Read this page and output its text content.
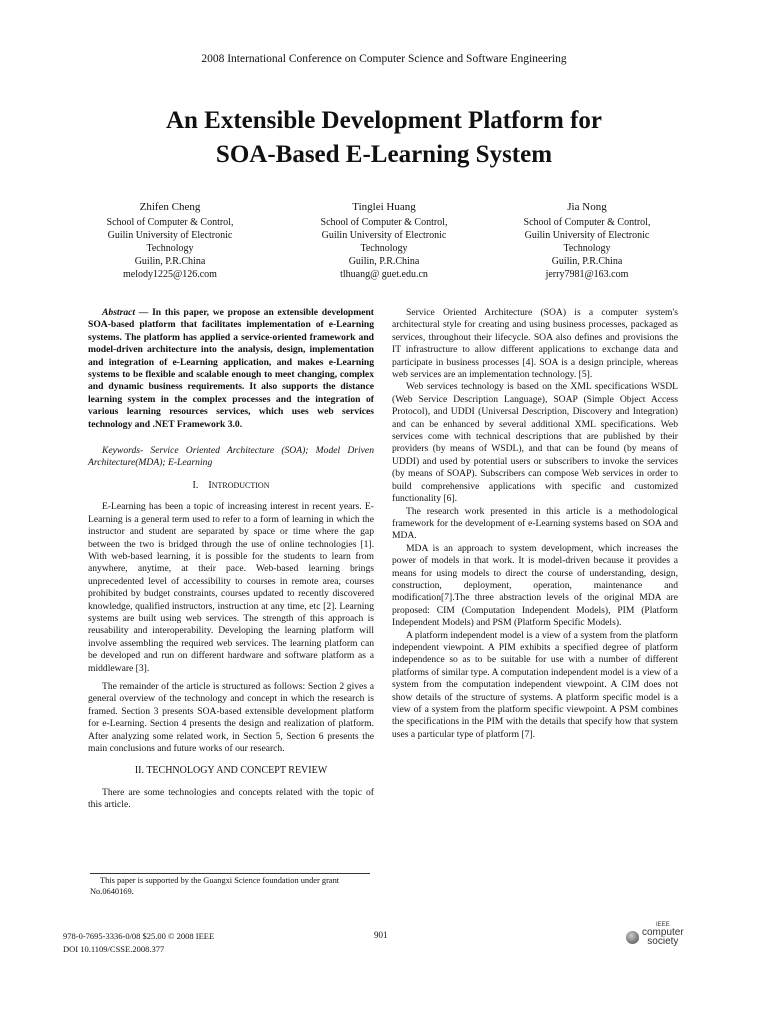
2008 International Conference on Computer Science and Software Engineering
An Extensible Development Platform for
SOA-Based E-Learning System
Zhifen Cheng
School of Computer & Control,
Guilin University of Electronic
Technology
Guilin, P.R.China
melody1225@126.com
Tinglei Huang
School of Computer & Control,
Guilin University of Electronic
Technology
Guilin, P.R.China
tlhuang@ guet.edu.cn
Jia Nong
School of Computer & Control,
Guilin University of Electronic
Technology
Guilin, P.R.China
jerry7981@163.com

Abstract — In this paper, we propose an extensible development SOA-based platform that facilitates implementation of e-Learning systems. The platform has applied a service-oriented framework and model-driven architecture into the analysis, design, implementation and integration of e-Learning application, and makes e-Learning systems to be flexible and scalable enough to meet changing, complex and dynamic business requirements. It also supports the distance learning system in the complex processes and the integration of various learning resources services, which uses web services technology and .NET Framework 3.0.

Keywords- Service Oriented Architecture (SOA); Model Driven Architecture(MDA); E-Learning

I. INTRODUCTION

E-Learning has been a topic of increasing interest in recent years. E-Learning is a general term used to refer to a form of learning in which the instructor and student are separated by space or time where the gap between the two is bridged through the use of online technologies [1]. With web-based learning, it is possible for the students to learn from anywhere, anytime, at their pace. Web-based learning brings unprecedented level of accessibility to courses in remote area, courses prohibited by budget constraints, courses updated to recently discovered knowledge, qualified instructors, instruction at any time, etc [2]. Learning systems are built using web services. The strength of this approach is reusability and interoperability. Developing the learning platform will involve assembling the required web services. The learning platform can be developed and run on different hardware and software platform as a middleware [3].

The remainder of the article is structured as follows: Section 2 gives a general overview of the technology and concept in which the research is framed. Section 3 presents SOA-based extensible development platform for e-Learning. Section 4 presents the design and realization of platform. After analyzing some related work, in Section 5, Section 6 presents the main conclusions and future works of our research.

II. TECHNOLOGY AND CONCEPT REVIEW

There are some technologies and concepts related with the topic of this article.

Service Oriented Architecture (SOA) is a computer system's architectural style for creating and using business processes, packaged as services, throughout their lifecycle. SOA also defines and provisions the IT infrastructure to allow different applications to exchange data and participate in business processes [4]. SOA is a design principle, whereas web services are an implementation technology. [5].

Web services technology is based on the XML specifications WSDL (Web Service Description Language), SOAP (Simple Object Access Protocol), and UDDI (Universal Description, Discovery and Integration) and can be enhanced by several additional XML specifications. Web services come with technical descriptions that are published by their providers (by means of WSDL), and that can be found (by means of UDDI) and used by potential users or subscribers to invoke the services (by means of SOAP). Subscribers can compose Web services in order to build comprehensive applications with specific and customized functionality [6].

The research work presented in this article is a methodological framework for the development of e-Learning systems based on SOA and MDA.

MDA is an approach to system development, which increases the power of models in that work. It is model-driven because it provides a means for using models to direct the course of understanding, design, construction, deployment, operation, maintenance and modification[7].The three abstraction levels of the original MDA are proposed: CIM (Computation Independent Models), PIM (Platform Independent Models) and PSM (Platform Specific Models).

A platform independent model is a view of a system from the platform independent viewpoint. A PIM exhibits a specified degree of platform independence so as to be suitable for use with a number of different platforms of similar type. A computation independent model is a view of a system from the computation independent viewpoint. A CIM does not show details of the structure of systems. A platform specific model is a view of a system from the platform specific viewpoint. A PSM combines the specifications in the PIM with the details that specify how that system uses a particular type of platform [7].

This paper is supported by the Guangxi Science foundation under grant No.0640169.
978-0-7695-3336-0/08 $25.00 © 2008 IEEE
DOI 10.1109/CSSE.2008.377
901
IEEE
computer
society
